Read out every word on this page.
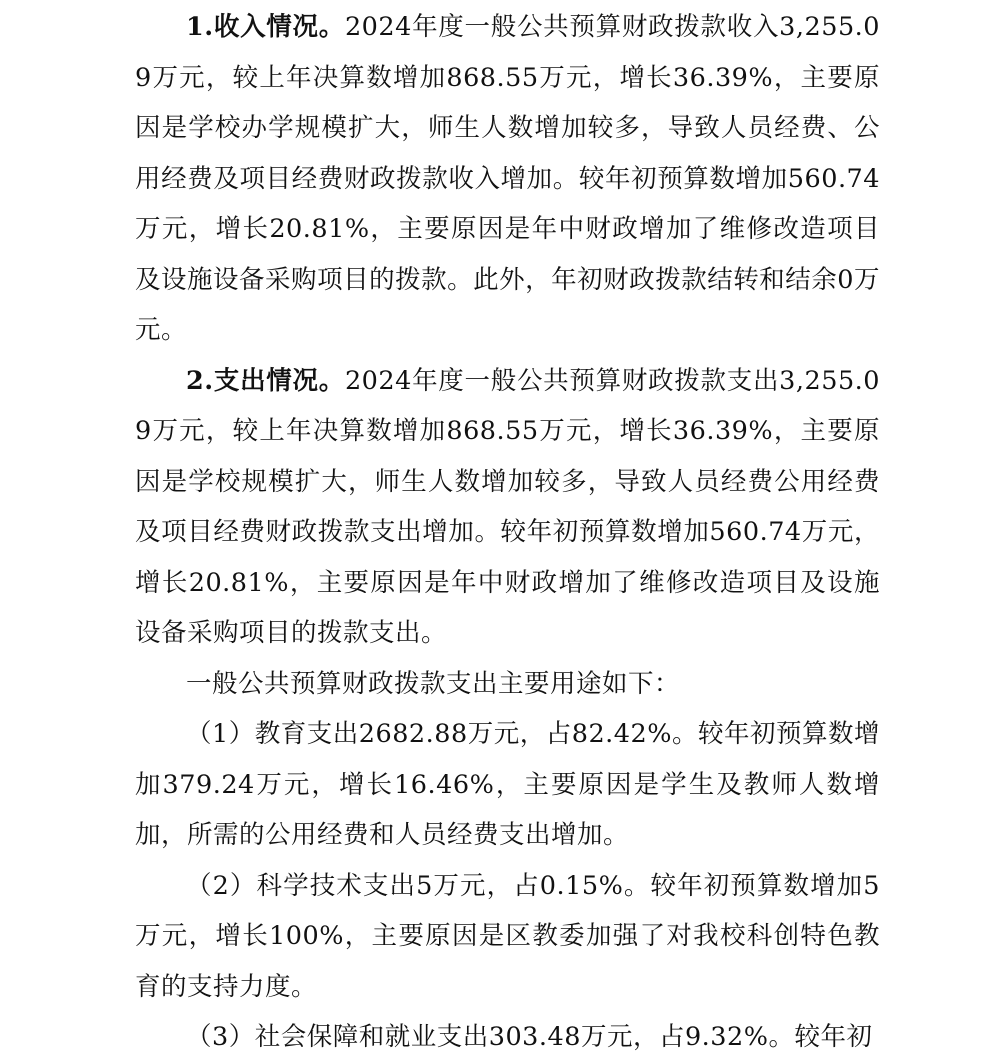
1.收入情况。2024年度一般公共预算财政拨款收入3,255.09万元，较上年决算数增加868.55万元，增长36.39%，主要原因是学校办学规模扩大，师生人数增加较多，导致人员经费、公用经费及项目经费财政拨款收入增加。较年初预算数增加560.74万元，增长20.81%，主要原因是年中财政增加了维修改造项目及设施设备采购项目的拨款。此外，年初财政拨款结转和结余0万元。

2.支出情况。2024年度一般公共预算财政拨款支出3,255.09万元，较上年决算数增加868.55万元，增长36.39%，主要原因是学校规模扩大，师生人数增加较多，导致人员经费公用经费及项目经费财政拨款支出增加。较年初预算数增加560.74万元，增长20.81%，主要原因是年中财政增加了维修改造项目及设施设备采购项目的拨款支出。

一般公共预算财政拨款支出主要用途如下：

（1）教育支出2682.88万元，占82.42%。较年初预算数增加379.24万元，增长16.46%，主要原因是学生及教师人数增加，所需的公用经费和人员经费支出增加。

（2）科学技术支出5万元，占0.15%。较年初预算数增加5万元，增长100%，主要原因是区教委加强了对我校科创特色教育的支持力度。

（3）社会保障和就业支出303.48万元，占9.32%。较年初
